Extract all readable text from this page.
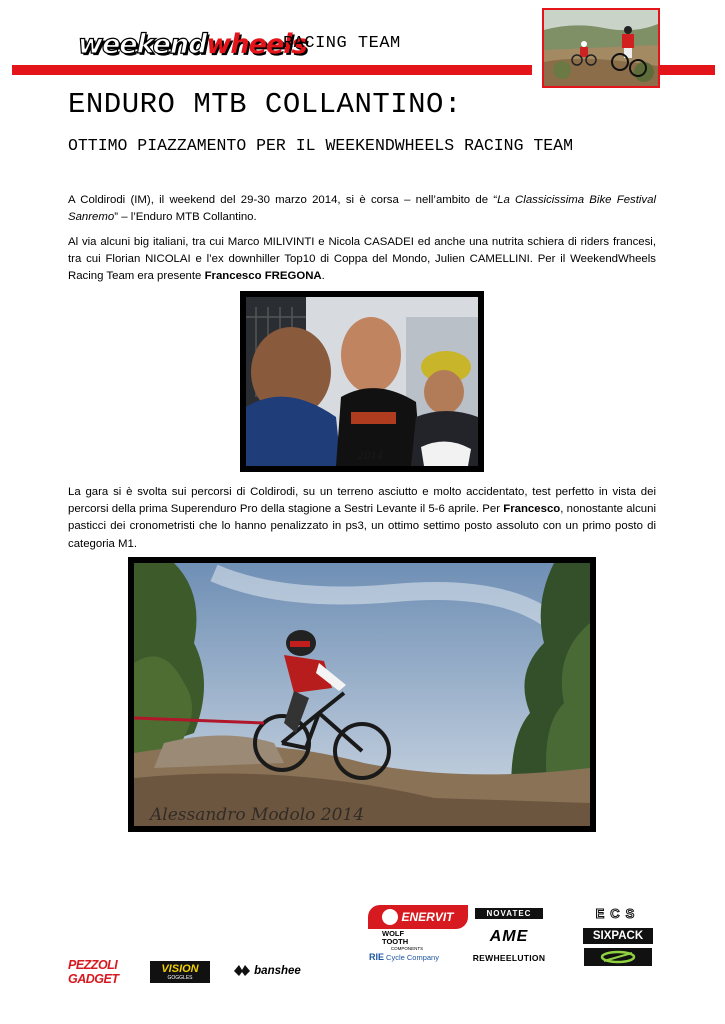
weekend wheels
RACING TEAM
ENDURO MTB COLLANTINO:
OTTIMO PIAZZAMENTO PER IL WEEKENDWHEELS RACING TEAM
A Coldirodi (IM), il weekend del 29-30 marzo 2014, si è corsa – nell’ambito de “La Classicissima Bike Festival Sanremo” – l’Enduro MTB Collantino.
Al via alcuni big italiani, tra cui Marco MILIVINTI e Nicola CASADEI ed anche una nutrita schiera di riders francesi, tra cui Florian NICOLAI e l’ex downhiller Top10 di Coppa del Mondo, Julien CAMELLINI. Per il WeekendWheels Racing Team era presente Francesco FREGONA.
2014
La gara si è svolta sui percorsi di Coldirodi, su un terreno asciutto e molto accidentato, test perfetto in vista dei percorsi della prima Superenduro Pro della stagione a Sestri Levante il 5-6 aprile. Per Francesco, nonostante alcuni pasticci dei cronometristi che lo hanno penalizzato in ps3, un ottimo settimo posto assoluto con un primo posto di categoria M1.
Alessandro Modolo 2014
ENERVIT	NOVATEC	ECS
WOLF TOOTH
COMPONENTS
AME	SIXPACK
RIE Cycle Company	REWHEELUTION
PEZZOLI GADGET
VISION
GOGGLES
banshee
